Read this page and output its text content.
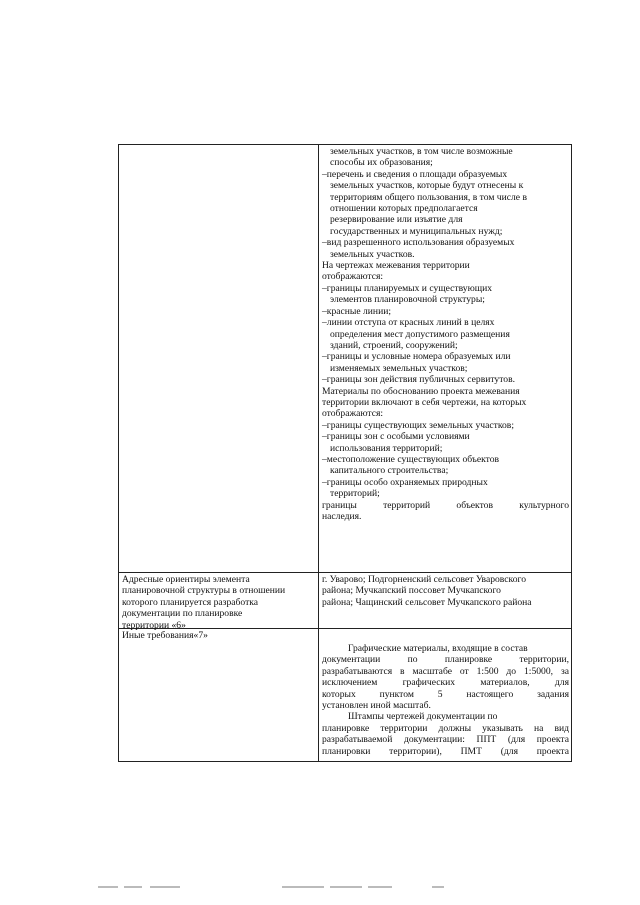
земельных участков, в том числе возможные
способы их образования;
–перечень и сведения о площади образуемых
земельных участков, которые будут отнесены к
территориям общего пользования, в том числе в
отношении которых предполагается
резервирование или изъятие для
государственных и муниципальных нужд;
–вид разрешенного использования образуемых
земельных участков.
На чертежах межевания территории
отображаются:
–границы планируемых и существующих
элементов планировочной структуры;
–красные линии;
–линии отступа от красных линий в целях
определения мест допустимого размещения
зданий, строений, сооружений;
–границы и условные номера образуемых или
изменяемых земельных участков;
–границы зон действия публичных сервитутов.
Материалы по обоснованию проекта межевания
территории включают в себя чертежи, на которых
отображаются:
–границы существующих земельных участков;
–границы зон с особыми условиями
использования территорий;
–местоположение существующих объектов
капитального строительства;
–границы особо охраняемых природных
территорий;
границы территорий объектов культурного
наследия.
Адресные ориентиры элемента
планировочной структуры в отношении
которого планируется разработка
документации по планировке
территории «6»
г. Уварово; Подгорненский сельсовет Уваровского
района; Мучкапский поссовет Мучкапского
района; Чащинский сельсовет Мучкапского района
Иные требования«7»
Графические материалы, входящие в состав
документации по планировке территории,
разрабатываются в масштабе от 1:500 до 1:5000, за
исключением графических материалов, для
которых пунктом 5 настоящего задания
установлен иной масштаб.
Штампы чертежей документации по
планировке территории должны указывать на вид
разрабатываемой документации: ППТ (для проекта
планировки территории), ПМТ (для проекта
